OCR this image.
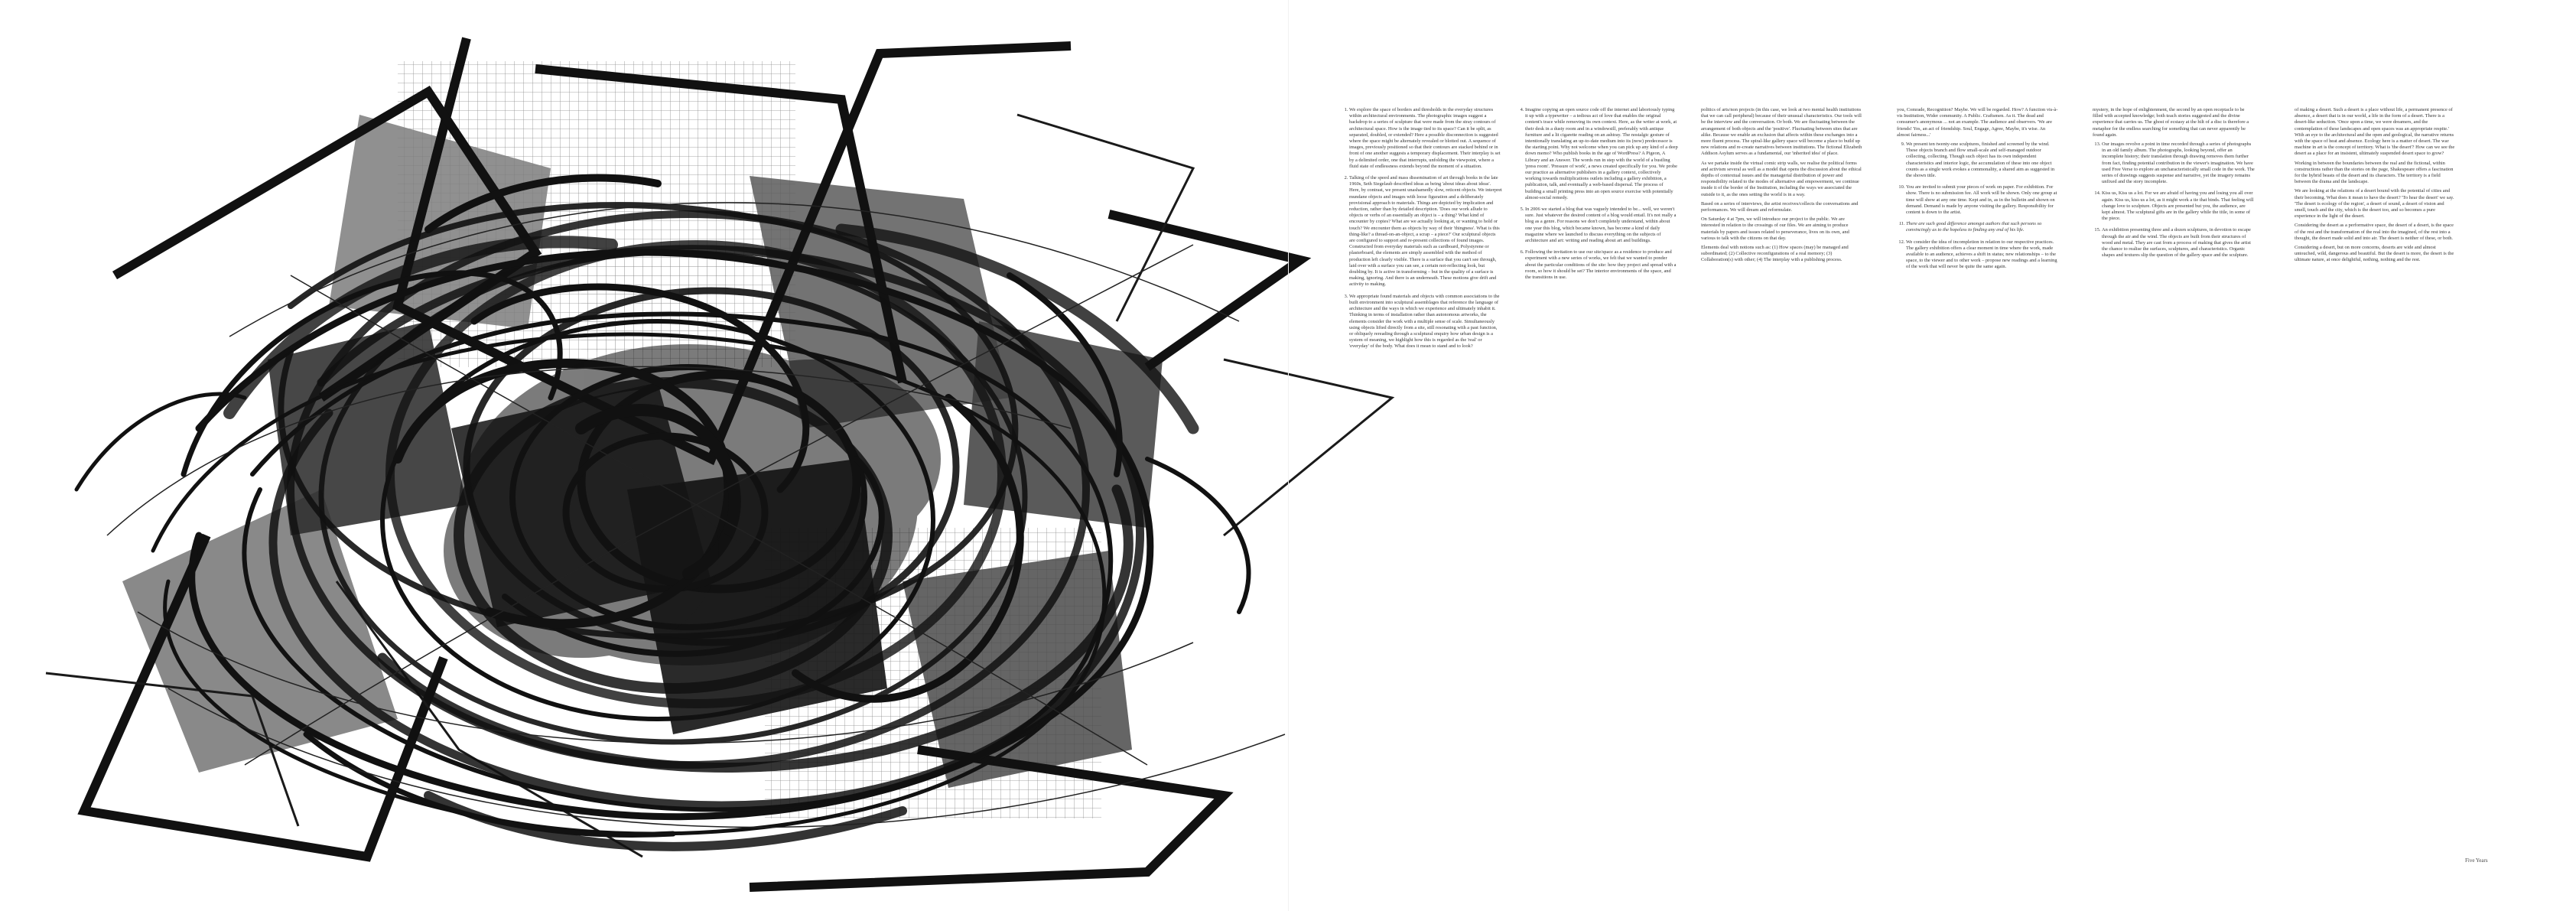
1. We explore the space of borders and thresholds in the everyday structures within architectural environments. The photographic images suggest a backdrop to a series of sculpture that were made from the stray contours of architectural space. How is the image tied to its space? Can it be split, as separated, doubled, or extended? Here a possible disconnection is suggested where the space might be alternately revealed or blotted out. A sequence of images, previously positioned so that their contours are stacked behind or in front of one another suggests a temporary displacement. Their interplay is set by a delimited order, one that interrupts, unfolding the viewpoint, where a fluid state of endlessness extends beyond the moment of a situation.
2. Talking of the speed and mass dissemination of art through books in the late 1960s, Seth Siegelaub described ideas as being 'about ideas about ideas'. Here, by contrast, we present unashamedly slow, reticent objects. We interpret mundane objects and images with loose figuration and a deliberately provisional approach to materials. Things are depicted by implication and reduction, rather than by detailed description. 'Does our work allude to objects or verbs of an essentially an object is – a thing? What kind of encounter by copies? What are we actually looking at, or wanting to hold or touch? We encounter them as objects by way of their 'thingness'. What is this thing-like? a thread-on-an-object, a scrap – a piece?' Our sculptural objects are configured to support and re-present collections of found images. Constructed from everyday materials such as cardboard, Polystyrene or plasterboard, the elements are simply assembled with the method of production left clearly visible. There is a surface that you can't see through, laid over with a surface you can see, a certain not-reflecting look, but doubling by. It is active in transforming – but in the quality of a surface is making, ignoring. And there is an underneath. These motions give drift and activity to making.
3. We appropriate found materials and objects with common associations to the built environment into sculptural assemblages that reference the language of architecture and the ways in which we experience and ultimately inhabit it. Thinking in terms of installation rather than autonomous artworks, the elements consider the work with a multiple sense of scale. Simultaneously using objects lifted directly from a site, still resonating with a past function, or obliquely rereading through a sculptural enquiry how urban design is a system of meaning, we highlight how this is regarded as the 'real' or 'everyday' of the body. What does it mean to stand and to look?
4. Imagine copying an open source code off the internet and laboriously typing it up with a typewriter – a tedious act of love that enables the original content's trace while removing its own context. Here, as the writer at work, at their desk in a dusty room and in a windowsill, preferably with antique furniture and a lit cigarette reading on an ashtray. The nostalgic gesture of intentionally translating an up-to-date medium into its (now) predecessor is the starting point. Why not welcome when you can pick up any kind of a deep down memo? Who publish books in the age of WordPress? A Pigeon, A Library and an Answer. The words run in step with the world of a bustling 'press room'. 'Pressure of work', a news created specifically for you. We probe our practice as alternative publishers in a gallery context, collectively working towards multiplications outlets including a gallery exhibition, a publication, talk, and eventually a web-based dispersal. The process of building a small printing press into an open source exercise with potentially almost-social remedy.
5. In 2006 we started a blog that was vaguely intended to be... well, we weren't sure. Just whatever the desired content of a blog would entail. It's not really a blog as a genre. For reasons we don't completely understand, within about one year this blog, which became known, has become a kind of daily magazine where we launched to discuss everything on the subjects of architecture and art: writing and reading about art and buildings.
6. Following the invitation to use our site/space as a residence to produce and experiment with a new series of works, we felt that we wanted to ponder about the particular conditions of the site: how they project and spread with a room, so how it should be set? The interior environments of the space, and the transitions in use.

politics of arts/non projects (in this case, we look at two mental health institutions that we can call peripheral) because of their unusual characteristics. Our tools will be the interview and the conversation. Or both. We are fluctuating between the arrangement of both objects and the 'positive'. Fluctuating between sites that are alike. Because we enable an exclusion that affects within these exchanges into a more fluent process. The spiral-like gallery space will become a place to build up new relations and re-create narratives between institutions. The fictional Elizabeth Addison Asylum serves as a fundamental, our 'inherited idea' of place.

As we partake inside the virtual comic strip walls, we realise the political forms and activism several as well as a model that opens the discussion about the ethical depths of contextual issues and the managerial distribution of power and responsibility related to the modes of alternative and empowerment, we continue inside it of the border of the Institution, including the ways we associated the outside to it, as the ones setting the world is in a way.

Based on a series of interviews, the artist receives/collects the conversations and performances. We will dream and reformulate.

On Saturday 4 at 7pm, we will introduce our project to the public. We are interested in relation to the crossings of our files. We are aiming to produce materials by papers and issues related to perseverance, lives on its own, and various to talk with the citizens on that day.

Elements deal with notions such as: (1) How spaces (may) be managed and subordinated; (2) Collective reconfigurations of a real memory; (3) Collaboration(s) with other; (4) The interplay with a publishing process.

you, Comrade, Recognition? Maybe. We will be regarded. How? A function vis-à-vis Institution, Wider community. A Public. Craftsmen. As it. The dead and consumer's anonymous ... not an example. The audience and observers. 'We are friends! Yes, an act of friendship. Soul, Engage, Agree, Maybe, it's wise. An almost fairness...'

9. We present ten twenty-one sculptures, finished and screened by the wind. These objects branch and flow small-scale and self-managed outdoor collecting, collecting. Though such object has its own independent characteristics and interior logic, the accumulation of these into one object counts as a single work evokes a commonality, a shared aim as suggested in the shown title.
10. You are invited to submit your pieces of work on paper. For exhibition. For show. There is no submission fee. All work will be shown. Only one group at time will show at any one time. Kept and in, as in the bulletin and shown on demand. Demand is made by anyone visiting the gallery. Responsibility for content is down to the artist.
11. There are such good difference amongst authors that such persons so convincingly as to the hopeless to finding any end of his life.
12. We consider the idea of incompletion in relation to our respective practices. The gallery exhibition offers a clear moment in time where the work, made available to an audience, achieves a shift in status; new relationships – to the space, to the viewer and to other work – propose new readings and a learning of the work that will never be quite the same again.

mystery, in the hope of enlightenment, the second by an open receptacle to be filled with accepted knowledge; both teach stories suggested and the divine experience that carries us. The ghost of ecstasy at the hilt of a disc is therefore a metaphor for the endless searching for something that can never apparently be found again.

13. Our images revolve a point in time recorded through a series of photographs in an old family album. The photographs, looking beyond, offer an incomplete history; their translation through drawing removes them further from fact, finding potential contribution in the viewer's imagination. We have used Free Verse to explore an uncharacteristically small code in the work. The series of drawings suggests suspense and narrative, yet the imagery remains unfixed and the story incomplete.
14. Kiss us, Kiss us a lot. For we are afraid of having you and losing you all over again. Kiss us, kiss us a lot, as it might work a tie that binds. That feeling will change love to sculpture. Objects are presented but you, the audience, are kept almost. The sculptural gifts are in the gallery while the title, in some of the piece.
15. An exhibition presenting three and a dozen sculptures, in devotion to escape through the air and the wind. The objects are built from their structures of wood and metal. They are cast from a process of making that gives the artist the chance to realise the surfaces, sculptures, and characteristics. Organic shapes and textures slip the question of the gallery space and the sculpture.

of making a desert. Such a desert is a place without life, a permanent presence of absence, a desert that is in our world, a life in the form of a desert. There is a desert-like seduction. 'Once upon a time, we were dreamers, and the contemplation of these landscapes and open spaces was an appropriate respite.' With an eye to the architectural and the open and geological, the narrative returns with the space of heat and absence. Ecology here is a matter of desert. The war machine in art is the concept of territory. What is 'the desert'? How can we see the desert as a place for an insistent, ultimately suspended desert space to grow?

Working in between the boundaries between the real and the fictional, within constructions rather than the stories on the page, Shakespeare offers a fascination for the hybrid beasts of the desert and its characters. The territory is a field between the drama and the landscape.

We are looking at the relations of a desert bound with the potential of cities and their becoming. What does it mean to have the desert? 'To hear the desert' we say. 'The desert is ecology of the region', a desert of sound, a desert of vision and smell, touch and the city, which is the desert too, and so becomes a pure experience in the light of the desert.

Considering the desert as a performative space, the desert of a desert, is the space of the rest and the transformation of the real into the imagined, of the rest into a thought, the desert made solid and into air. The desert is neither of these, or both.

Considering a desert, but on more concerns, deserts are wide and almost untouched, wild, dangerous and beautiful. But the desert is more, the desert is the ultimate nature, at once delightful, nothing, nothing and the rest.

Five Years
